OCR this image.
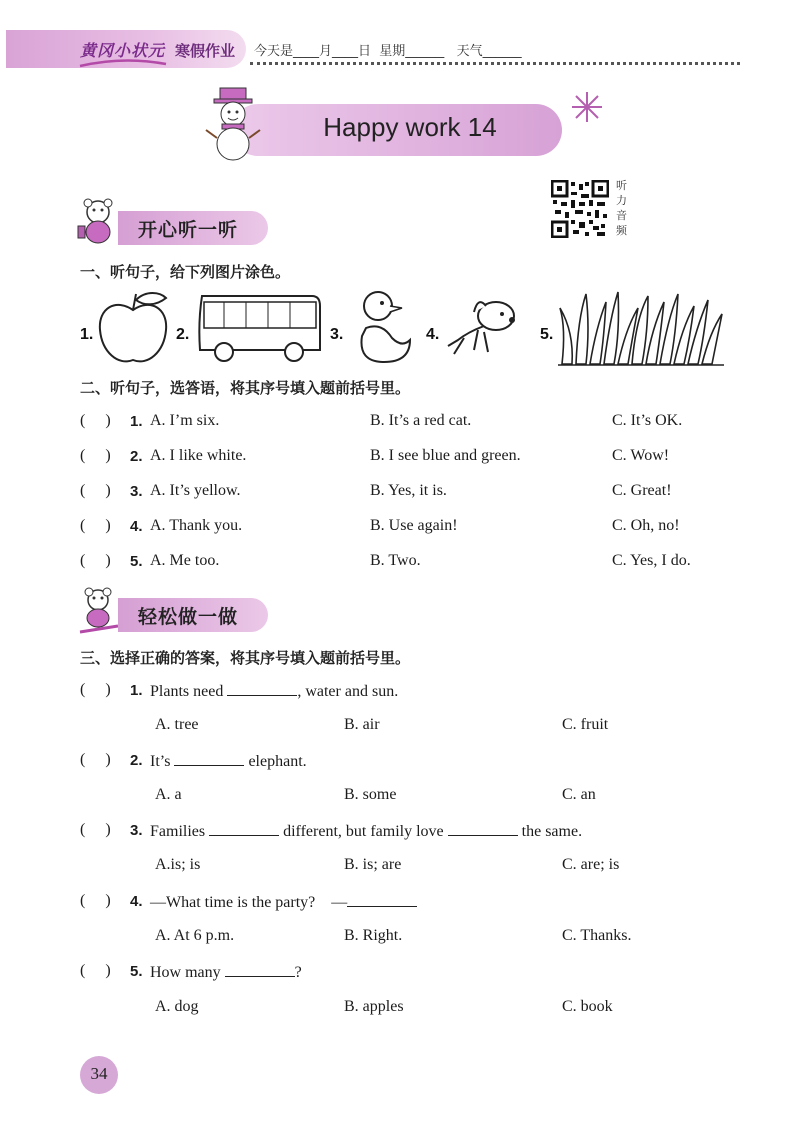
黄冈小状元 寒假作业 今天是____月____日  星期______   天气______
Happy work 14
听力音频
开心听一听
一、听句子，给下列图片涂色。
1.	2.	3.	4.	5.
二、听句子，选答语，将其序号填入题前括号里。
(     ) 1. A. I’m six.	B. It’s a red cat.	C. It’s OK.
(     ) 2. A. I like white.	B. I see blue and green.	C. Wow!
(     ) 3. A. It’s yellow.	B. Yes, it is.	C. Great!
(     ) 4. A. Thank you.	B. Use again!	C. Oh, no!
(     ) 5. A. Me too.	B. Two.	C. Yes, I do.
轻松做一做
三、选择正确的答案，将其序号填入题前括号里。
(     ) 1. Plants need	, water and sun.
A. tree	B. air	C. fruit
(     ) 2. It’s	elephant.
A. a	B. some	C. an
(     ) 3. Families	different, but family love	the same.
A.is; is	B. is; are	C. are; is
(     ) 4. —What time is the party?    —
A. At 6 p.m.	B. Right.	C. Thanks.
(     ) 5. How many	?
A. dog	B. apples	C. book
34
